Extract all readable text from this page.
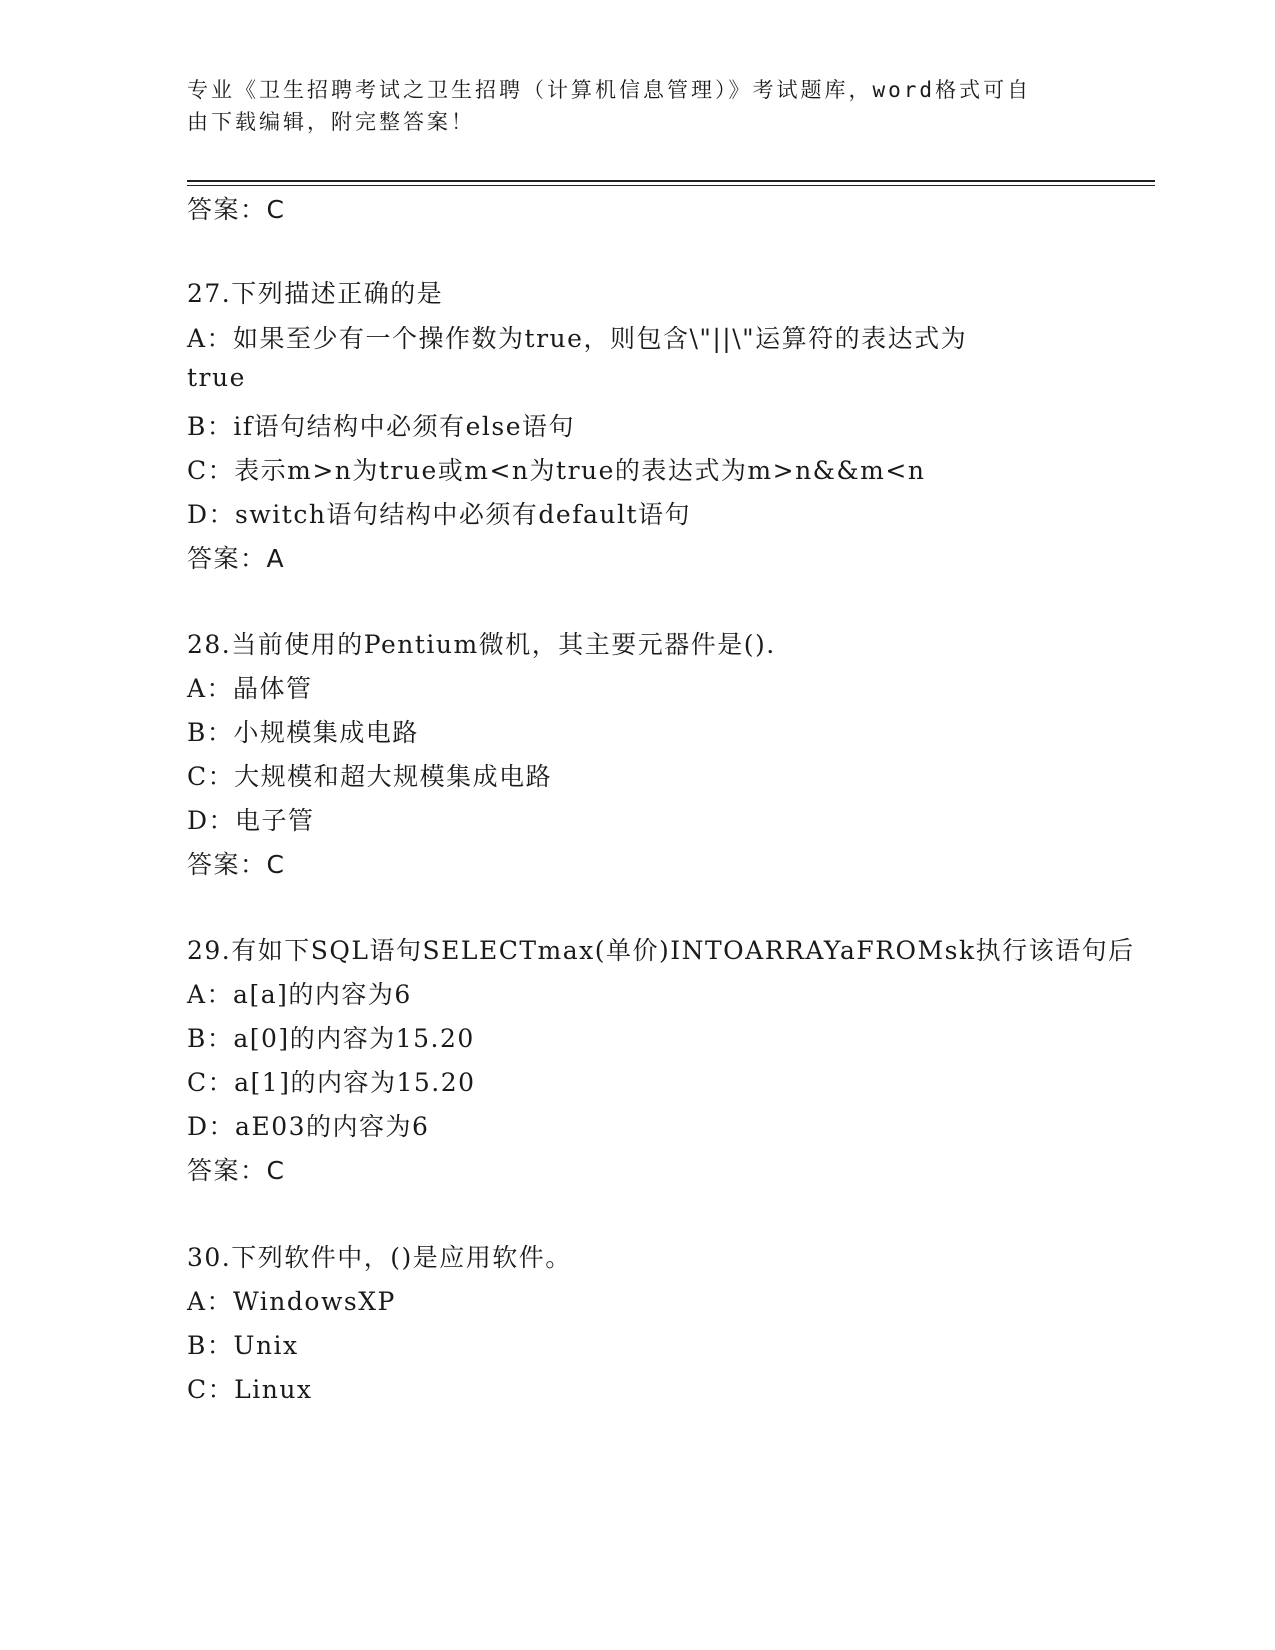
专业《卫生招聘考试之卫生招聘（计算机信息管理）》考试题库，word格式可自
由下载编辑，附完整答案！
答案：C
27.下列描述正确的是
A：如果至少有一个操作数为true，则包含\"||\"运算符的表达式为
true
B：if语句结构中必须有else语句
C：表示m>n为true或m<n为true的表达式为m>n&&m<n
D：switch语句结构中必须有default语句
答案：A
28.当前使用的Pentium微机，其主要元器件是().
A：晶体管
B：小规模集成电路
C：大规模和超大规模集成电路
D：电子管
答案：C
29.有如下SQL语句SELECTmax(单价)INTOARRAYaFROMsk执行该语句后
A：a[a]的内容为6
B：a[0]的内容为15.20
C：a[1]的内容为15.20
D：aE03的内容为6
答案：C
30.下列软件中，()是应用软件。
A：WindowsXP
B：Unix
C：Linux
